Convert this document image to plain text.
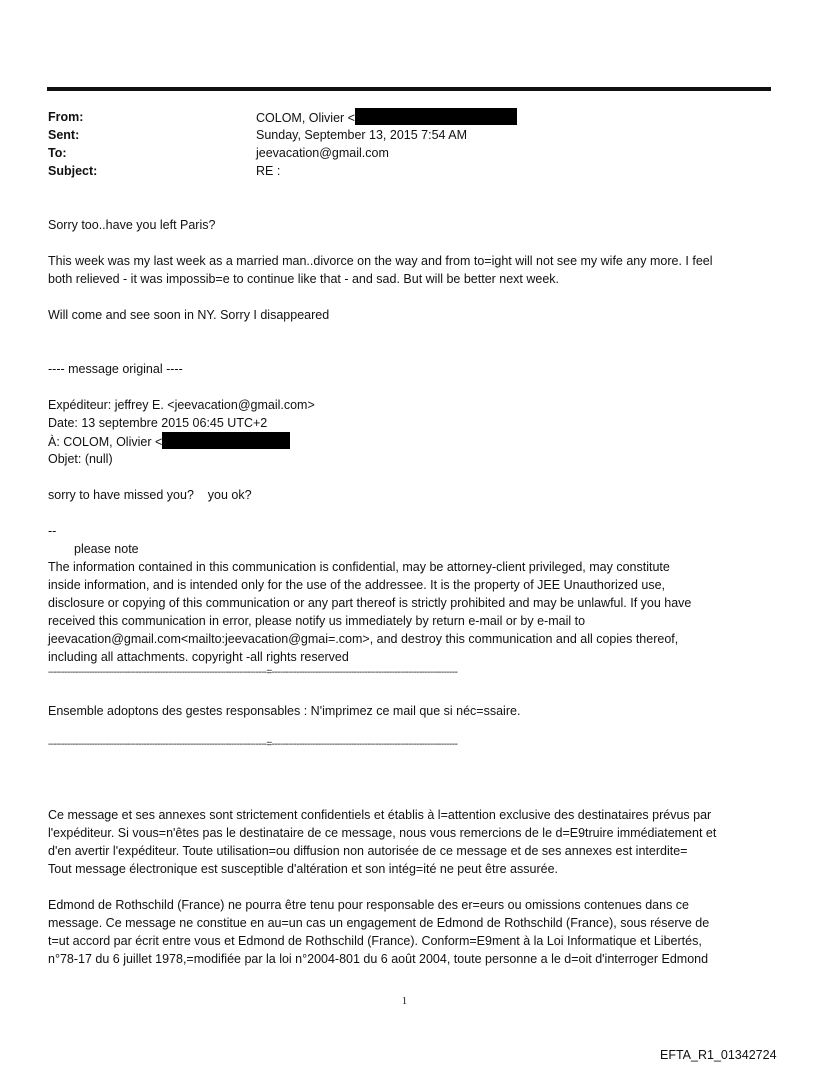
From:	COLOM, Olivier <
Sent:	Sunday, September 13, 2015 7:54 AM
To:	jeevacation@gmail.com
Subject:	RE :
Sorry too..have you left Paris?
This week was my last week as a married man..divorce on the way and from to=ight will not see my wife any more. I feel
both relieved - it was impossib=e to continue like that - and sad. But will be better next week.
Will come and see soon in NY. Sorry I disappeared
---- message original ----
Expéditeur: jeffrey E. <jeevacation@gmail.com>
Date: 13 septembre 2015 06:45 UTC+2
À: COLOM, Olivier <
Objet: (null)
sorry to have missed you?    you ok?
--
please note
The information contained in this communication is confidential, may be attorney-client privileged, may constitute
inside information, and is intended only for the use of the addressee. It is the property of JEE Unauthorized use,
disclosure or copying of this communication or any part thereof is strictly prohibited and may be unlawful. If you have
received this communication in error, please notify us immediately by return e-mail or by e-mail to
jeevacation@gmail.com<mailto:jeevacation@gmai=.com>, and destroy this communication and all copies thereof,
including all attachments. copyright -all rights reserved
--------------------------------------------------------------------------------=--------------------------------------------------------------------
Ensemble adoptons des gestes responsables : N'imprimez ce mail que si néc=ssaire.
--------------------------------------------------------------------------------=--------------------------------------------------------------------
Ce message et ses annexes sont strictement confidentiels et établis à l=attention exclusive des destinataires prévus par
l'expéditeur. Si vous=n'êtes pas le destinataire de ce message, nous vous remercions de le d=E9truire immédiatement et
d'en avertir l'expéditeur. Toute utilisation=ou diffusion non autorisée de ce message et de ses annexes est interdite=
Tout message électronique est susceptible d'altération et son intég=ité ne peut être assurée.
Edmond de Rothschild (France) ne pourra être tenu pour responsable des er=eurs ou omissions contenues dans ce
message. Ce message ne constitue en au=un cas un engagement de Edmond de Rothschild (France), sous réserve de
t=ut accord par écrit entre vous et Edmond de Rothschild (France). Conform=E9ment à la Loi Informatique et Libertés,
n°78-17 du 6 juillet 1978,=modifiée par la loi n°2004-801 du 6 août 2004, toute personne a le d=oit d'interroger Edmond
1
EFTA_R1_01342724
